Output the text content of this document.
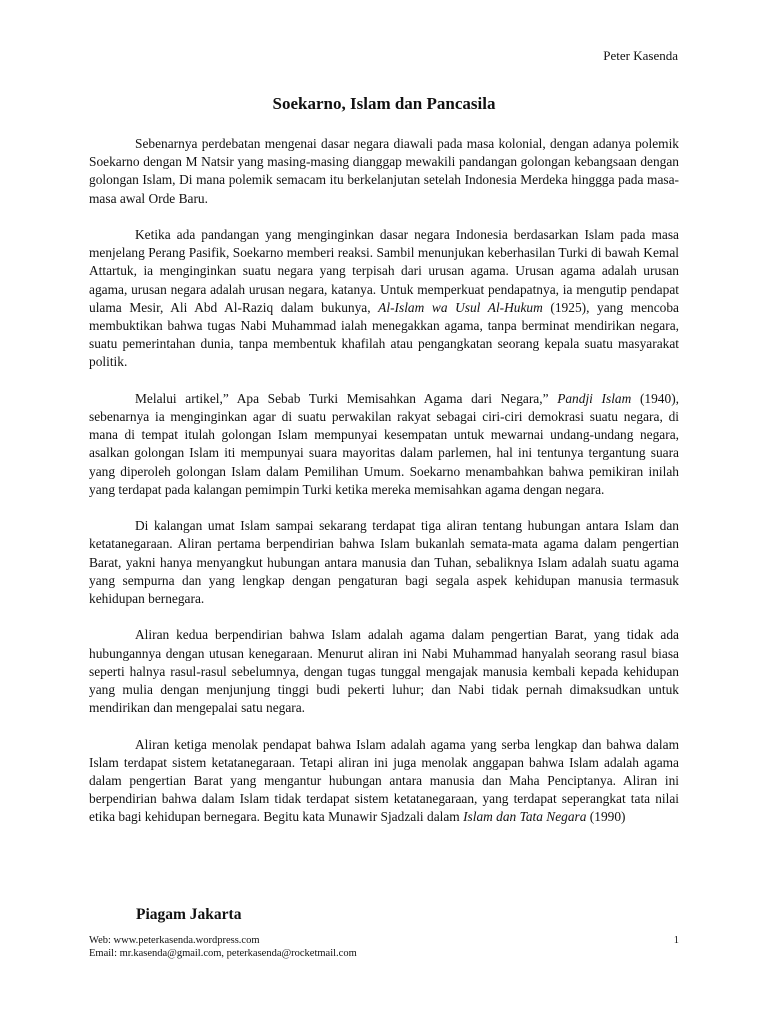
Peter Kasenda
Soekarno, Islam dan Pancasila

Sebenarnya perdebatan mengenai dasar negara diawali pada masa kolonial, dengan adanya polemik Soekarno dengan M Natsir yang masing-masing dianggap mewakili pandangan golongan kebangsaan dengan golongan Islam, Di mana polemik semacam itu berkelanjutan setelah Indonesia Merdeka hinggga pada masa-masa awal Orde Baru.

Ketika ada pandangan yang menginginkan dasar negara Indonesia berdasarkan Islam pada masa menjelang Perang Pasifik, Soekarno memberi reaksi. Sambil menunjukan keberhasilan Turki di bawah Kemal Attartuk, ia menginginkan suatu negara yang terpisah dari urusan agama. Urusan agama adalah urusan agama, urusan negara adalah urusan negara, katanya. Untuk memperkuat pendapatnya, ia mengutip pendapat ulama Mesir, Ali Abd Al-Raziq dalam bukunya, Al-Islam wa Usul Al-Hukum (1925), yang mencoba membuktikan bahwa tugas Nabi Muhammad ialah menegakkan agama, tanpa berminat mendirikan negara, suatu pemerintahan dunia, tanpa membentuk khafilah atau pengangkatan seorang kepala suatu masyarakat politik.

Melalui artikel,” Apa Sebab Turki Memisahkan Agama dari Negara,” Pandji Islam (1940), sebenarnya ia menginginkan agar di suatu perwakilan rakyat sebagai ciri-ciri demokrasi suatu negara, di mana di tempat itulah golongan Islam mempunyai kesempatan untuk mewarnai undang-undang negara, asalkan golongan Islam iti mempunyai suara mayoritas dalam parlemen, hal ini tentunya tergantung suara yang diperoleh golongan Islam dalam Pemilihan Umum. Soekarno menambahkan bahwa pemikiran inilah yang terdapat pada kalangan pemimpin Turki ketika mereka memisahkan agama dengan negara.

Di kalangan umat Islam sampai sekarang terdapat tiga aliran tentang hubungan antara Islam dan ketatanegaraan. Aliran pertama berpendirian bahwa Islam bukanlah semata-mata agama dalam pengertian Barat, yakni hanya menyangkut hubungan antara manusia dan Tuhan, sebaliknya Islam adalah suatu agama yang sempurna dan yang lengkap dengan pengaturan bagi segala aspek kehidupan manusia termasuk kehidupan bernegara.

Aliran kedua berpendirian bahwa Islam adalah agama dalam pengertian Barat, yang tidak ada hubungannya dengan utusan kenegaraan. Menurut aliran ini Nabi Muhammad hanyalah seorang rasul biasa seperti halnya rasul-rasul sebelumnya, dengan tugas tunggal mengajak manusia kembali kepada kehidupan yang mulia dengan menjunjung tinggi budi pekerti luhur; dan Nabi tidak pernah dimaksudkan untuk mendirikan dan mengepalai satu negara.

Aliran ketiga menolak pendapat bahwa Islam adalah agama yang serba lengkap dan bahwa dalam Islam terdapat sistem ketatanegaraan. Tetapi aliran ini juga menolak anggapan bahwa Islam adalah agama dalam pengertian Barat yang mengantur hubungan antara manusia dan Maha Penciptanya. Aliran ini berpendirian bahwa dalam Islam tidak terdapat sistem ketatanegaraan, yang terdapat seperangkat tata nilai etika bagi kehidupan bernegara. Begitu kata Munawir Sjadzali dalam Islam dan Tata Negara (1990)

Piagam Jakarta
Web: www.peterkasenda.wordpress.com
Email: mr.kasenda@gmail.com, peterkasenda@rocketmail.com
1
